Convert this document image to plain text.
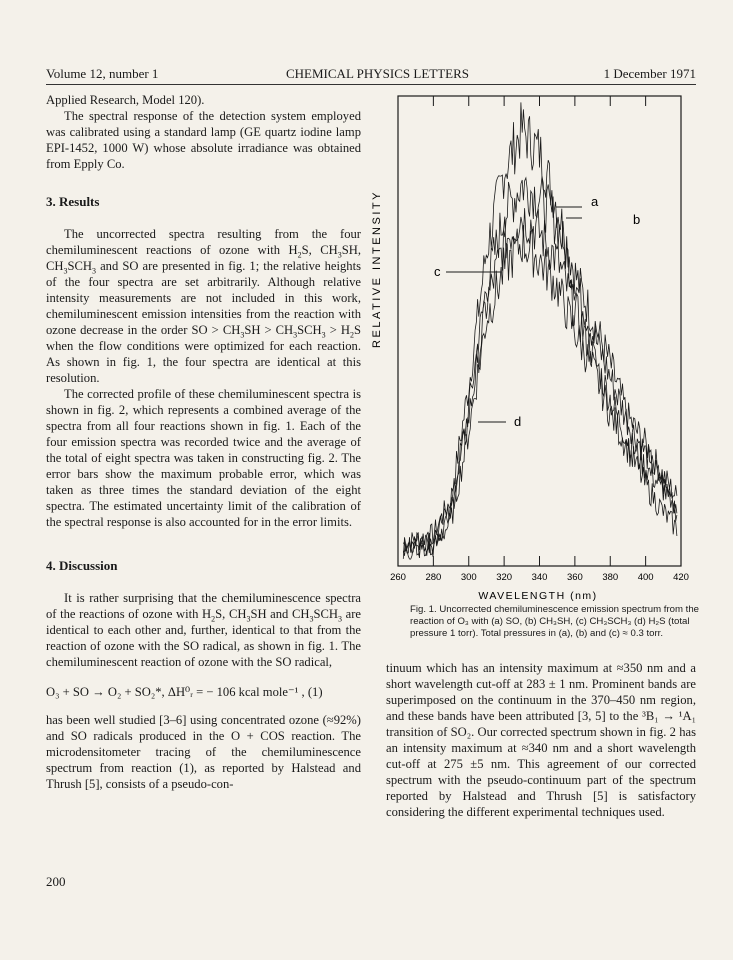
Volume 12, number 1	CHEMICAL PHYSICS LETTERS	1 December 1971

Applied Research, Model 120).

The spectral response of the detection system employed was calibrated using a standard lamp (GE quartz iodine lamp EPI-1452, 1000 W) whose absolute irradiance was obtained from Epply Co.

3. Results

The uncorrected spectra resulting from the four chemiluminescent reactions of ozone with $H_2S$, $CH_3SH$, $CH_3SCH_3$ and SO are presented in fig. 1; the relative heights of the four spectra are set arbitrarily. Although relative intensity measurements are not included in this work, chemiluminescent emission intensities from the reaction with ozone decrease in the order SO > $CH_3SH > CH_3SCH_3 > H_2S$ when the flow conditions were optimized for each reaction. As shown in fig. 1, the four spectra are identical at this resolution.

The corrected profile of these chemiluminescent spectra is shown in fig. 2, which represents a combined average of the spectra from all four reactions shown in fig. 1. Each of the four emission spectra was recorded twice and the average of the total of eight spectra was taken in constructing fig. 2. The error bars show the maximum probable error, which was taken as three times the standard deviation of the eight spectra. The estimated uncertainty limit of the calibration of the spectral response is also accounted for in the error limits.

4. Discussion

It is rather surprising that the chemiluminescence spectra of the reactions of ozone with $H_2S$, $CH_3SH$ and $CH_3SCH_3$ are identical to each other and, further, identical to that from the reaction of ozone with the SO radical, as shown in fig. 1. The chemiluminescent reaction of ozone with the SO radical,

O₃ + SO → O₂ + SO₂*, ΔH⁰ᵣ = − 106 kcal mole⁻¹ , (1)

has been well studied [3–6] using concentrated ozone (≈92%) and SO radicals produced in the O + COS reaction. The microdensitometer tracing of the chemiluminescence spectrum from reaction (1), as reported by Halstead and Thrush [5], consists of a pseudo-con-

200
RELATIVE INTENSITY
WAVELENGTH (nm)
260 280 300 320 340 360 380 400 420
a
b
c
d
Fig. 1. Uncorrected chemiluminescence emission spectrum from the reaction of O₃ with (a) SO, (b) CH₃SH, (c) CH₃SCH₃ (d) H₂S (total pressure 1 torr). Total pressures in (a), (b) and (c) ≈ 0.3 torr.

tinuum which has an intensity maximum at ≈350 nm and a short wavelength cut-off at 283 ± 1 nm. Prominent bands are superimposed on the continuum in the 370–450 nm region, and these bands have been attributed [3, 5] to the ³B₁ → ¹A₁ transition of SO₂. Our corrected spectrum shown in fig. 2 has an intensity maximum at ≈340 nm and a short wavelength cut-off at 275 ±5 nm. This agreement of our corrected spectrum with the pseudo-continuum part of the spectrum reported by Halstead and Thrush [5] is satisfactory considering the different experimental techniques used.
